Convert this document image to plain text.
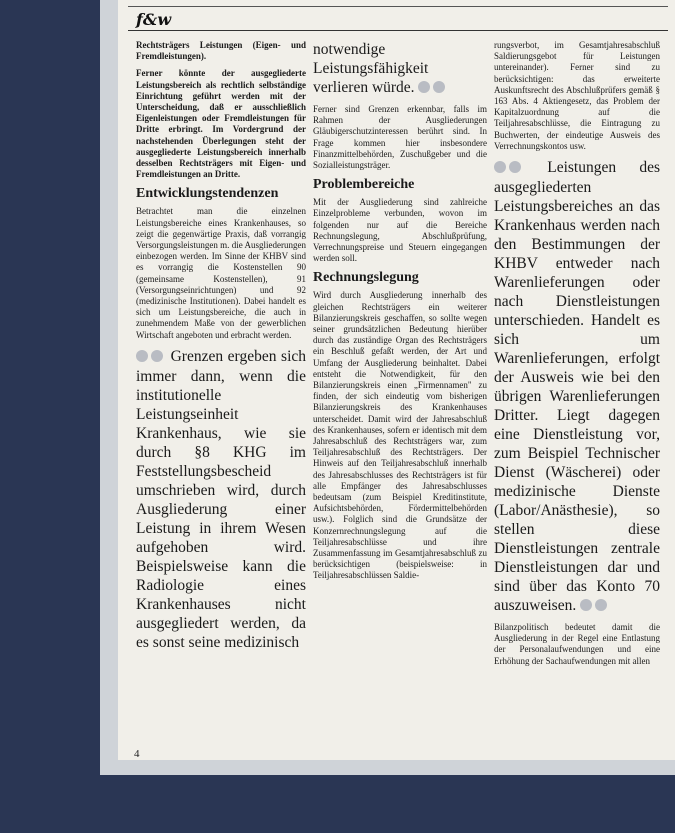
f&w

Rechtsträgers Leistungen (Eigen- und Fremdleistungen).

Ferner könnte der ausgegliederte Leistungsbereich als rechtlich selbständige Einrichtung geführt werden mit der Unterscheidung, daß er ausschließlich Eigenleistungen oder Fremdleistungen für Dritte erbringt. Im Vordergrund der nachstehenden Überlegungen steht der ausgegliederte Leistungsbereich innerhalb desselben Rechtsträgers mit Eigen- und Fremdleistungen an Dritte.

Entwicklungstendenzen

Betrachtet man die einzelnen Leistungsbereiche eines Krankenhauses, so zeigt die gegenwärtige Praxis, daß vorrangig Versorgungsleistungen m. die Ausgliederungen einbezogen werden. Im Sinne der KHBV sind es vorrangig die Kostenstellen 90 (gemeinsame Kostenstellen), 91 (Versorgungseinrichtungen) und 92 (medizinische Institutionen). Dabei handelt es sich um Leistungsbereiche, die auch in zunehmendem Maße von der gewerblichen Wirtschaft angeboten und erbracht werden.

Grenzen ergeben sich immer dann, wenn die institutionelle Leistungseinheit Krankenhaus, wie sie durch §8 KHG im Feststellungsbescheid umschrieben wird, durch Ausgliederung einer Leistung in ihrem Wesen aufgehoben wird. Beispielsweise kann die Radiologie eines Krankenhauses nicht ausgegliedert werden, da es sonst seine medizinisch

notwendige Leistungsfähigkeit verlieren würde.

Ferner sind Grenzen erkennbar, falls im Rahmen der Ausgliederungen Gläubigerschutzinteressen berührt sind. In Frage kommen hier insbesondere Finanzmittelbehörden, Zuschußgeber und die Sozialleistungsträger.

Problembereiche

Mit der Ausgliederung sind zahlreiche Einzelprobleme verbunden, wovon im folgenden nur auf die Bereiche Rechnungslegung, Abschlußprüfung, Verrechnungspreise und Steuern eingegangen werden soll.

Rechnungslegung

Wird durch Ausgliederung innerhalb des gleichen Rechtsträgers ein weiterer Bilanzierungskreis geschaffen, so sollte wegen seiner grundsätzlichen Bedeutung hierüber durch das zuständige Organ des Rechtsträgers ein Beschluß gefaßt werden, der Art und Umfang der Ausgliederung beinhaltet. Dabei entsteht die Notwendigkeit, für den Bilanzierungskreis einen „Firmennamen" zu finden, der sich eindeutig vom bisherigen Bilanzierungskreis des Krankenhauses unterscheidet. Damit wird der Jahresabschluß des Krankenhauses, sofern er identisch mit dem Jahresabschluß des Rechtsträgers war, zum Teiljahresabschluß des Rechtsträgers. Der Hinweis auf den Teiljahresabschluß innerhalb des Jahresabschlusses des Rechtsträgers ist für alle Empfänger des Jahresabschlusses bedeutsam (zum Beispiel Kreditinstitute, Aufsichtsbehörden, Fördermittelbehörden usw.). Folglich sind die Grundsätze der Konzernrechnungslegung auf die Teiljahresabschlüsse und ihre Zusammenfassung im Gesamtjahresabschluß zu berücksichtigen (beispielsweise: in Teiljahresabschlüssen Saldie-

rungsverbot, im Gesamtjahresabschluß Saldierungsgebot für Leistungen untereinander). Ferner sind zu berücksichtigen: das erweiterte Auskunftsrecht des Abschlußprüfers gemäß § 163 Abs. 4 Aktiengesetz, das Problem der Kapitalzuordnung auf die Teiljahresabschlüsse, die Eintragung zu Buchwerten, der eindeutige Ausweis des Verrechnungskontos usw.

Leistungen des ausgegliederten Leistungsbereiches an das Krankenhaus werden nach den Bestimmungen der KHBV entweder nach Warenlieferungen oder nach Dienstleistungen unterschieden. Handelt es sich um Warenlieferungen, erfolgt der Ausweis wie bei den übrigen Warenlieferungen Dritter. Liegt dagegen eine Dienstleistung vor, zum Beispiel Technischer Dienst (Wäscherei) oder medizinische Dienste (Labor/Anästhesie), so stellen diese Dienstleistungen zentrale Dienstleistungen dar und sind über das Konto 70 auszuweisen.

Bilanzpolitisch bedeutet damit die Ausgliederung in der Regel eine Entlastung der Personalaufwendungen und eine Erhöhung der Sachaufwendungen mit allen

4
